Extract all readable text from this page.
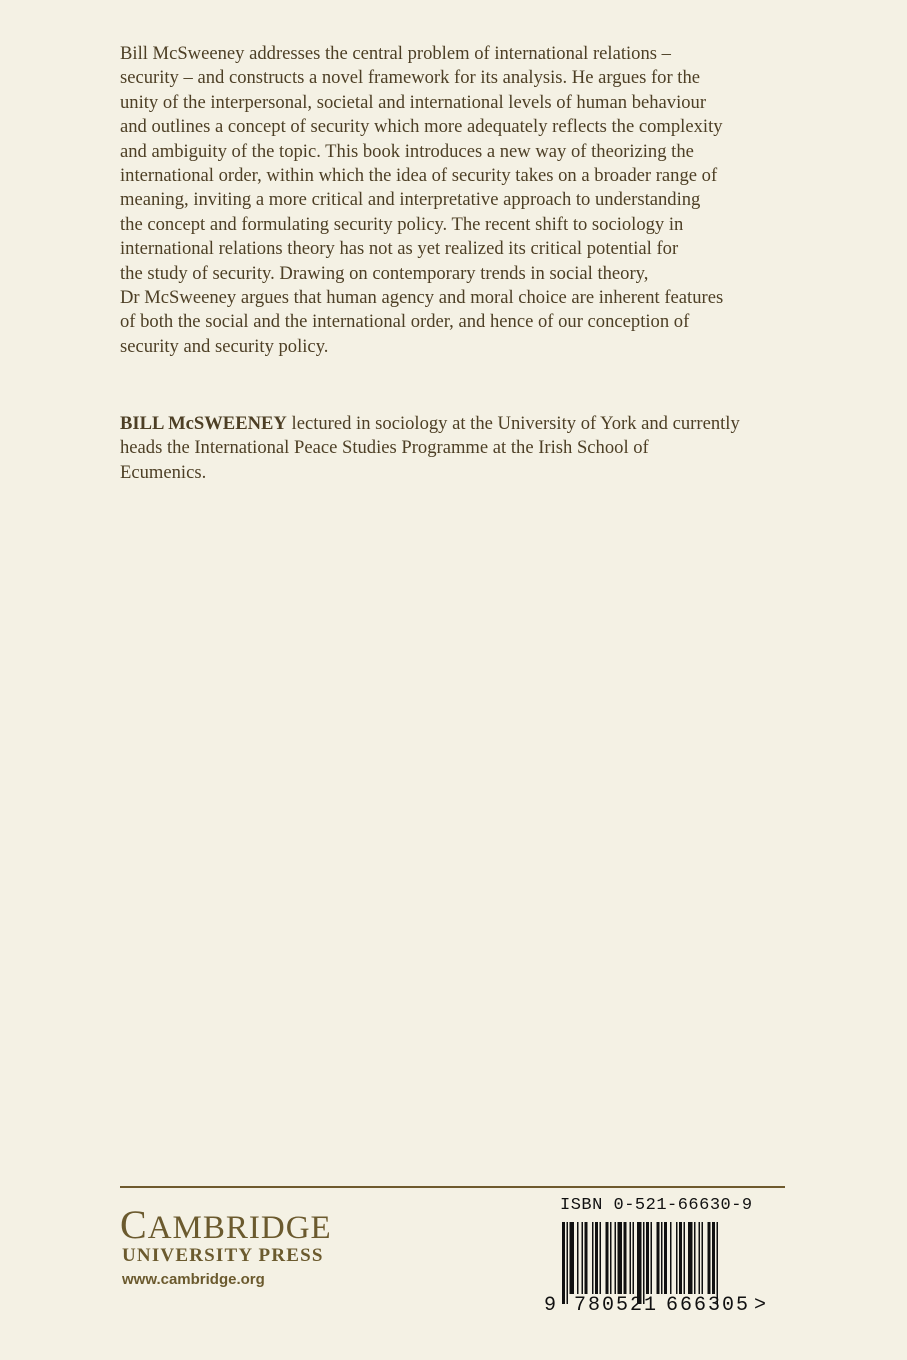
Bill McSweeney addresses the central problem of international relations –
security – and constructs a novel framework for its analysis. He argues for the
unity of the interpersonal, societal and international levels of human behaviour
and outlines a concept of security which more adequately reflects the complexity
and ambiguity of the topic. This book introduces a new way of theorizing the
international order, within which the idea of security takes on a broader range of
meaning, inviting a more critical and interpretative approach to understanding
the concept and formulating security policy. The recent shift to sociology in
international relations theory has not as yet realized its critical potential for
the study of security. Drawing on contemporary trends in social theory,
Dr McSweeney argues that human agency and moral choice are inherent features
of both the social and the international order, and hence of our conception of
security and security policy.
BILL McSWEENEY lectured in sociology at the University of York and currently
heads the International Peace Studies Programme at the Irish School of
Ecumenics.
CAMBRIDGE
UNIVERSITY PRESS
www.cambridge.org
ISBN 0-521-66630-9
9 780521 666305 >
